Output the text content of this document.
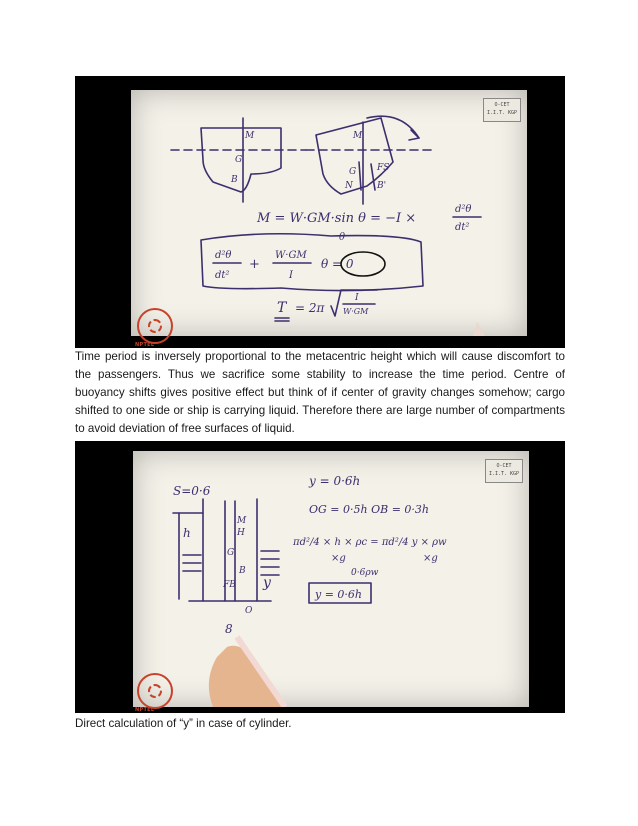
M
G
B
M
G FS
N	B'
M = W·GM·sin θ = −I ×
d²θ
dt²
θ
d²θ
dt²
+
W·GM
I
θ = 0
T = 2π
I
W·GM
O-CET
I.I.T. KGP
NPTEL

Time period is inversely proportional to the metacentric height which will cause discomfort to the passengers. Thus we sacrifice some stability to increase the time period. Centre of buoyancy shifts gives positive effect but think of if center of gravity changes somehow; cargo shifted to one side or ship is carrying liquid. Therefore there are large number of compartments to avoid deviation of free surfaces of liquid.

S=0·6
h
M
H
G
B
FB
O
y
y = 0·6h
OG = 0·5h OB = 0·3h
πd²/4 × h × ρc = πd²/4 y × ρw
×g	×g
0·6ρw
y = 0·6h
8
O-CET
I.I.T. KGP
NPTEL

Direct calculation of “y” in case of cylinder.
